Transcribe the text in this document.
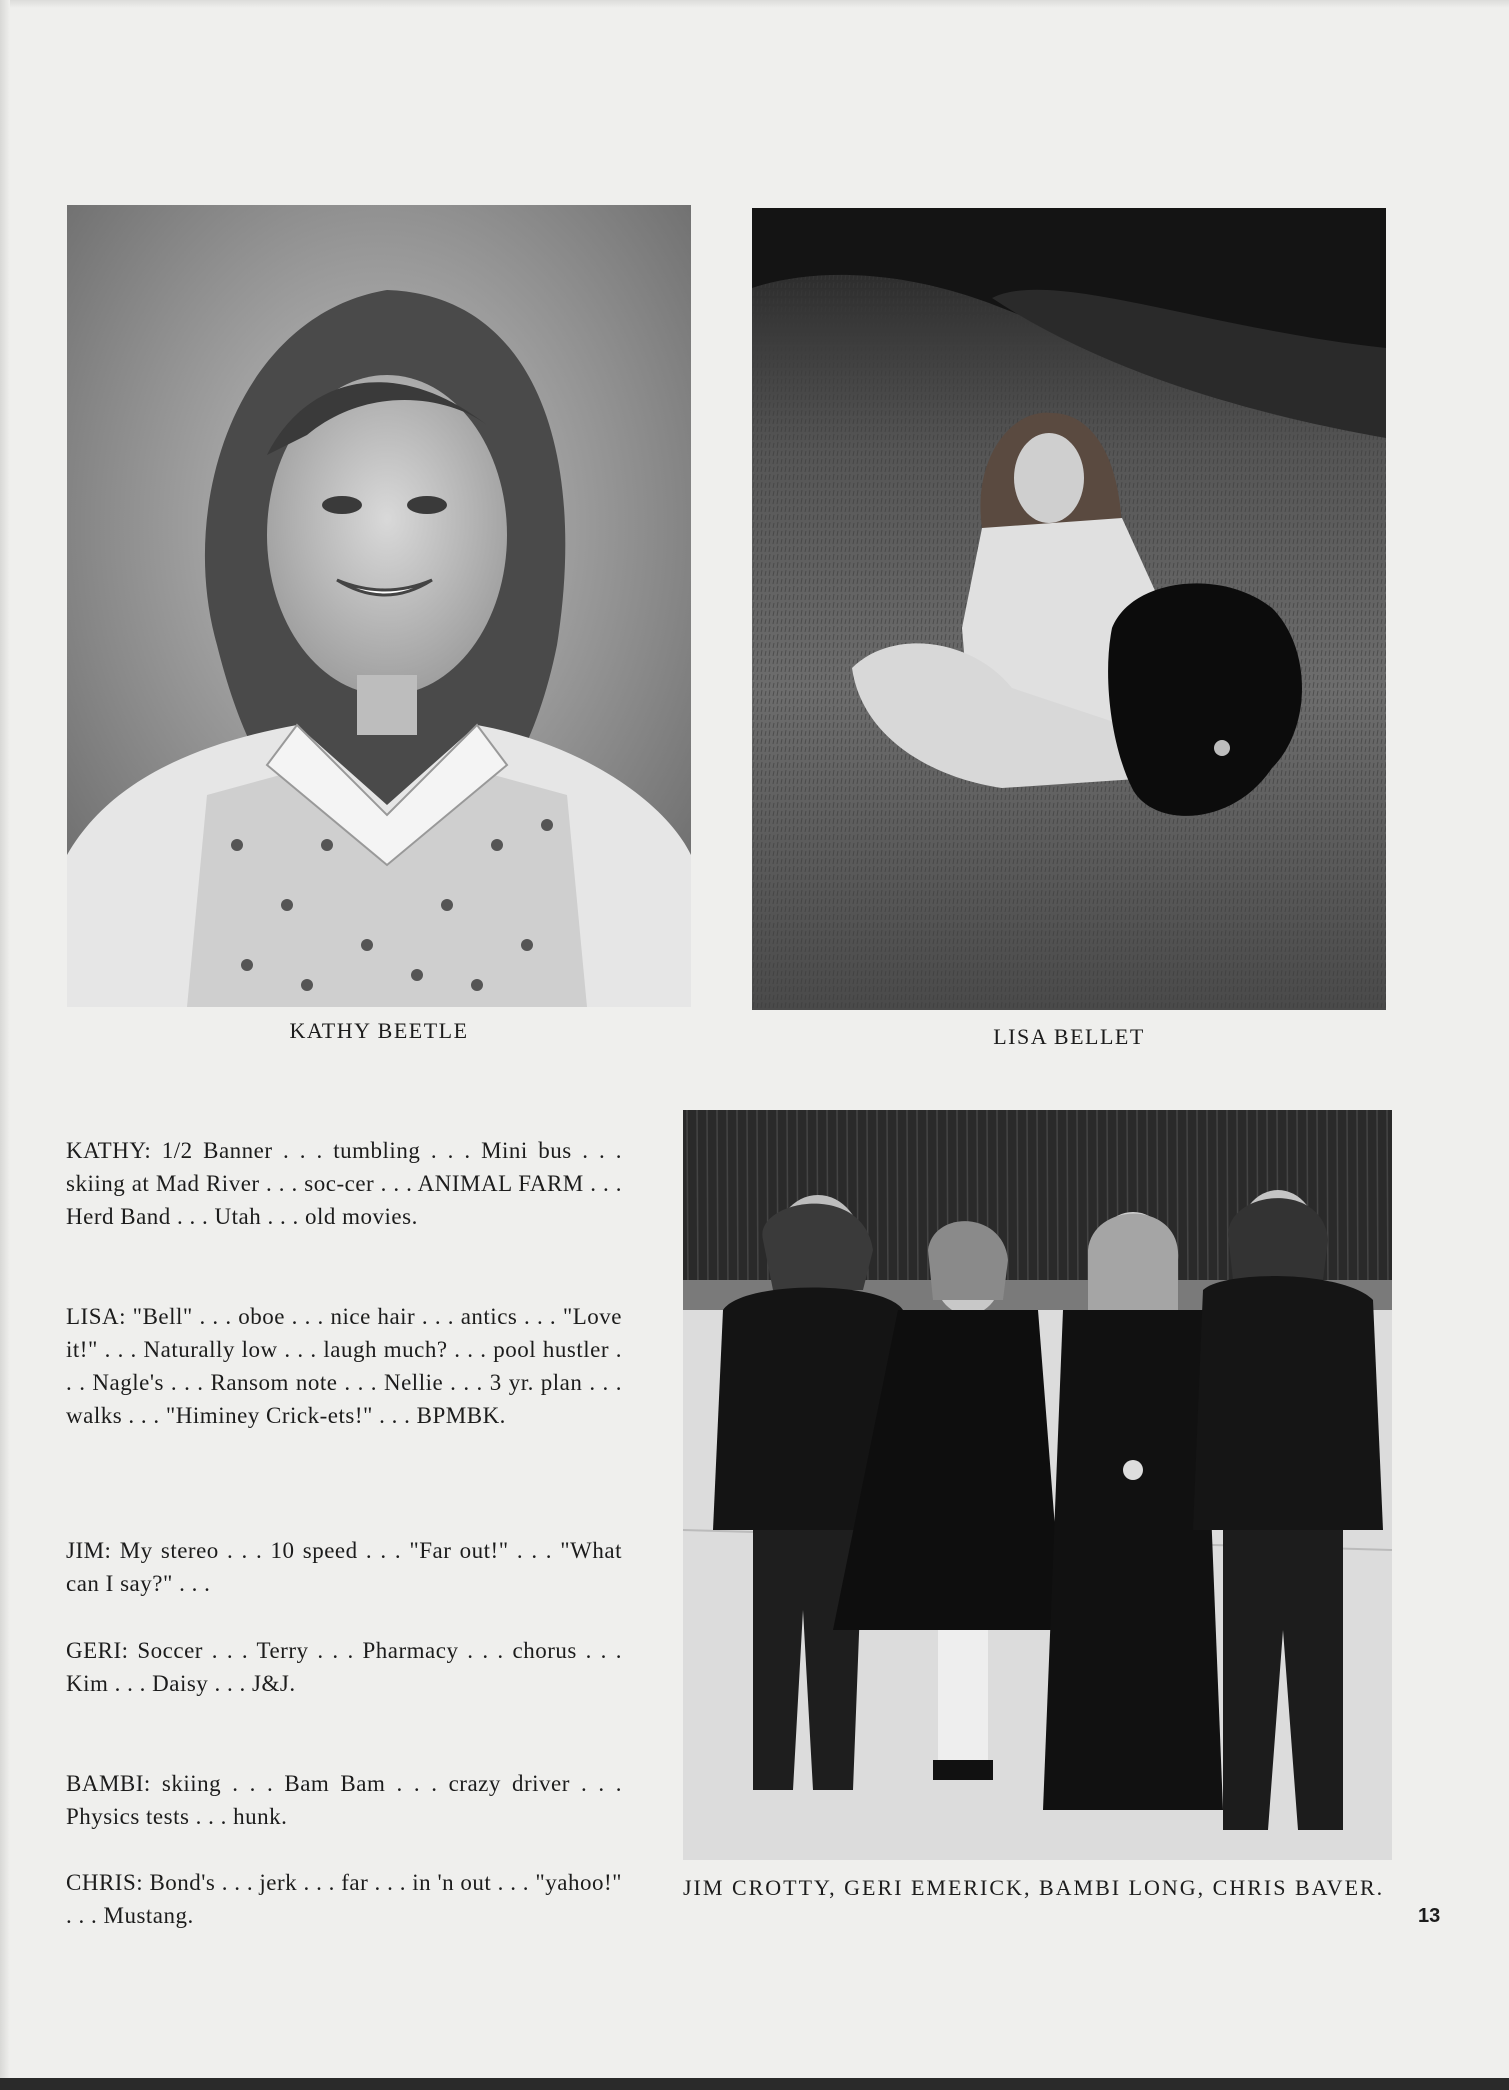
KATHY BEETLE	LISA BELLET
JIM CROTTY, GERI EMERICK, BAMBI LONG, CHRIS BAVER.

KATHY: 1/2 Banner . . . tumbling . . . Mini bus . . . skiing at Mad River . . . soc-cer . . . ANIMAL FARM . . . Herd Band . . . Utah . . . old movies.

LISA: "Bell" . . . oboe . . . nice hair . . . antics . . . "Love it!" . . . Naturally low . . . laugh much? . . . pool hustler . . . Nagle's . . . Ransom note . . . Nellie . . . 3 yr. plan . . . walks . . . "Himiney Crick-ets!" . . . BPMBK.

JIM: My stereo . . . 10 speed . . . "Far out!" . . . "What can I say?" . . .

GERI: Soccer . . . Terry . . . Pharmacy . . . chorus . . . Kim . . . Daisy . . . J&J.

BAMBI: skiing . . . Bam Bam . . . crazy driver . . . Physics tests . . . hunk.

CHRIS: Bond's . . . jerk . . . far . . . in 'n out . . . "yahoo!" . . . Mustang.	13
